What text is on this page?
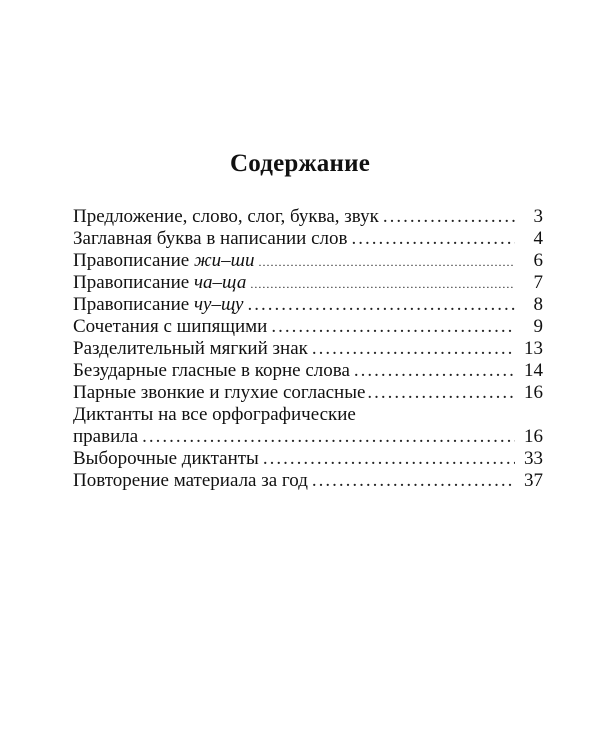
Содержание
Предложение, слово, слог, буква, звук .....	3
Заглавная буква в написании слов .....	4
Правописание жи–ши .....	6
Правописание ча–ща .....	7
Правописание чу–щу .....	8
Сочетания с шипящими .....	9
Разделительный мягкий знак .....	13
Безударные гласные в корне слова .....	14
Парные звонкие и глухие согласные .....	16
Диктанты на все орфографические
правила .....	16
Выборочные диктанты .....	33
Повторение материала за год .....	37
